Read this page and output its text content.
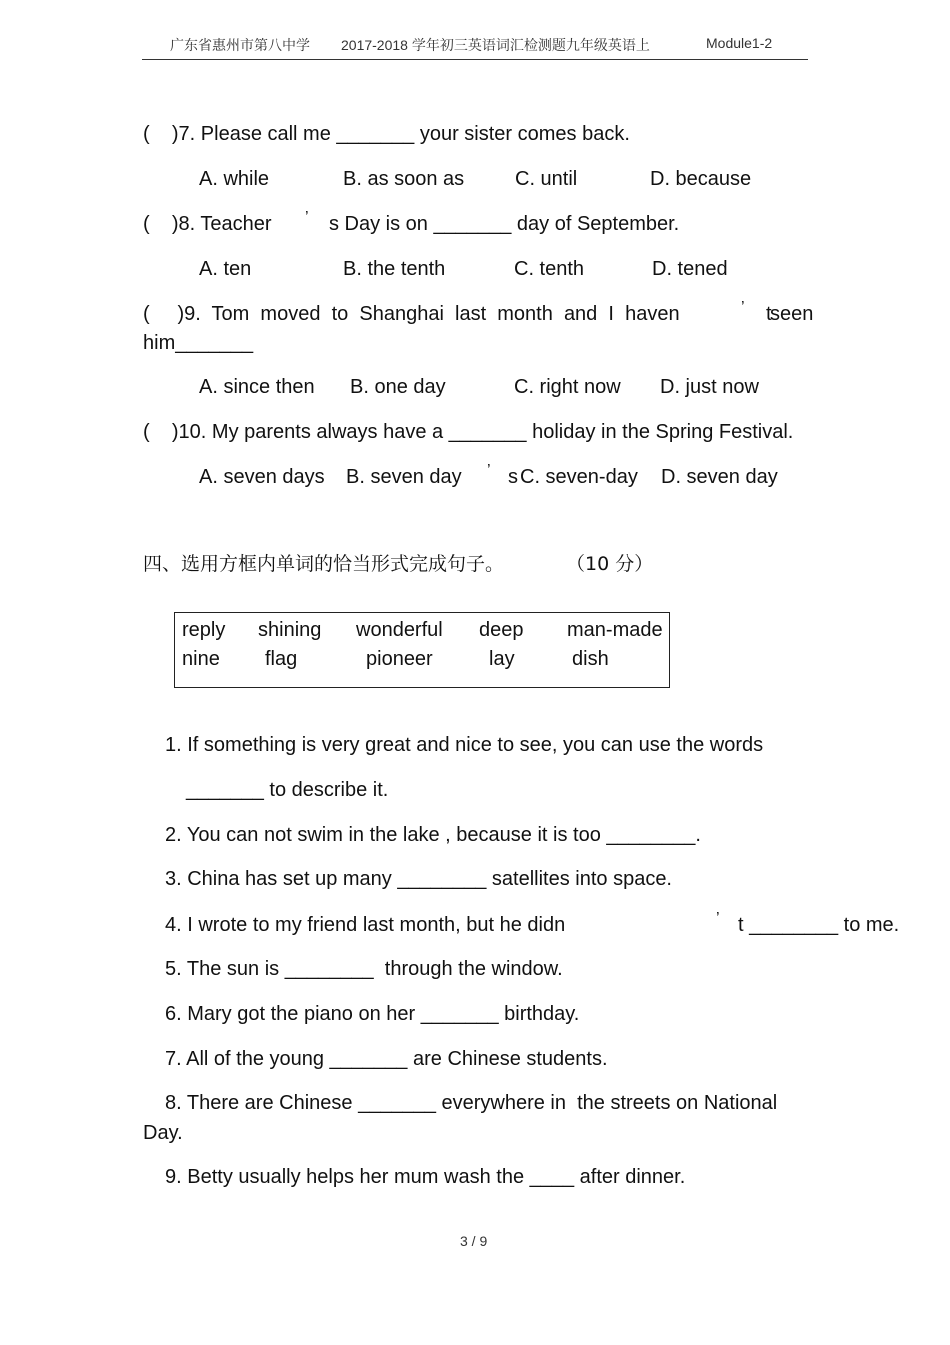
广东省惠州市第八中学 2017-2018 学年初三英语词汇检测题九年级英语上	Module1-2
(    )7. Please call me _______ your sister comes back.
A. while	B. as soon as	C. until	D. because
(    )8. Teacher ’ s Day is on _______ day of September.
A. ten	B. the tenth	C. tenth	D. tened
(     )9.  Tom  moved  to  Shanghai  last  month  and  I  haven	’ t
seen
him_______
A. since then B. one day	C. right now D. just now
(    )10. My parents always have a _______ holiday in the Spring Festival.
A. seven days B. seven day ’ s C. seven-day D. seven day
四、选用方框内单词的恰当形式完成句子。	（10 分）
reply shining wonderful deep man-made
nine flag	pioneer	lay	dish
1. If something is very great and nice to see, you can use the words
_______ to describe it.
2. You can not swim in the lake , because it is too ________.
3. China has set up many ________ satellites into space.
4. I wrote to my friend last month, but he didn	’ t ________ to me.
5. The sun is ________  through the window.
6. Mary got the piano on her _______ birthday.
7. All of the young _______ are Chinese students.
8. There are Chinese _______ everywhere in  the streets on National
Day.
9. Betty usually helps her mum wash the ____ after dinner.
3 / 9
